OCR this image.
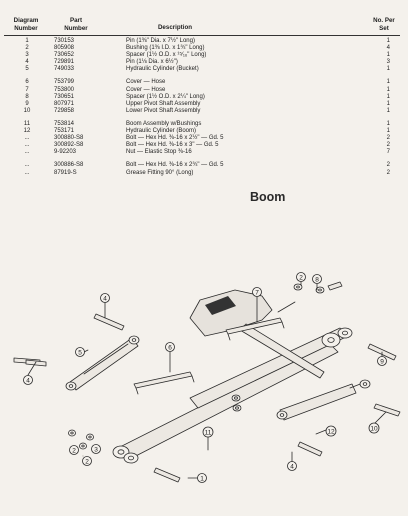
Diagram
Number
Part
Number	Description
No. Per
Set
1	730153	Pin (1⅜" Dia. x 7½" Long)	1
2	805908	Bushing (1⅜ I.D. x 1¾" Long)	4
3	730652	Spacer (1½ O.D. x ¹⁵⁄₁₆" Long)	1
4	729891	Pin (1⅛ Dia. x 6½")	3
5	749033	Hydraulic Cylinder (Bucket)	1

6	753799	Cover — Hose	1
7	753800	Cover — Hose	1
8	730651	Spacer (1½ O.D. x 2¼" Long)	1
9	807971	Upper Pivot Shaft Assembly	1
10	729858	Lower Pivot Shaft Assembly	1

11	753814	Boom Assembly w/Bushings	1
12	753171	Hydraulic Cylinder (Boom)	1
...	300880-S8	Bolt — Hex Hd. ⅜-16 x 2½" — Gd. 5	2
...	300892-S8	Bolt — Hex Hd. ⅜-16 x 3" — Gd. 5	2
...	9-92203	Nut — Elastic Stop ⅜-16	7

...	300886-S8	Bolt — Hex Hd. ⅜-16 x 2¾" — Gd. 5	2
...	87919-S	Grease Fitting 90° (Long)	2
Boom
4
5
4
6
7
2 8
9
10
11	12
4
1
2	3
2
